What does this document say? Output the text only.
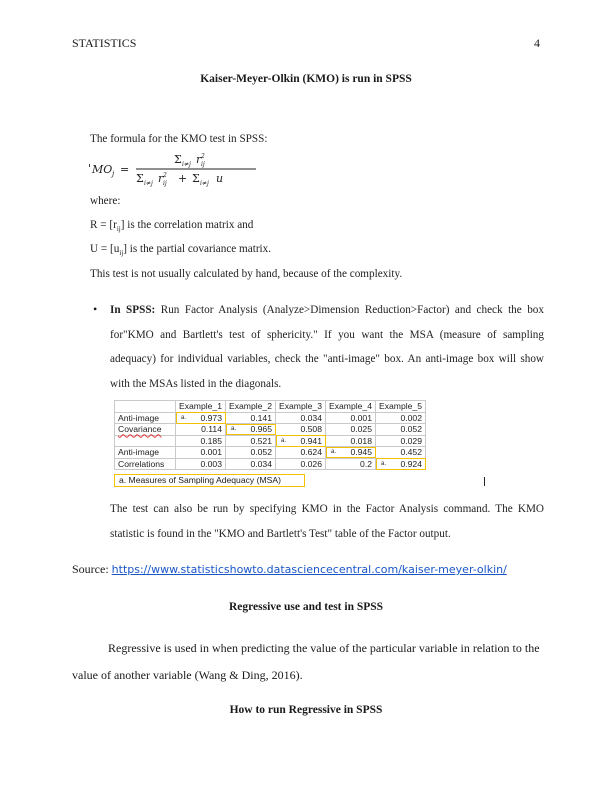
STATISTICS	4
Kaiser-Meyer-Olkin (KMO) is run in SPSS
The formula for the KMO test in SPSS:
' MO j =
Σ i≠j r 2
ij
Σ i≠j r 2
ij + Σ i≠j u
where:
$R = [r_{ij}]$ is the correlation matrix and
$U = [u_{ij}]$ is the partial covariance matrix.
This test is not usually calculated by hand, because of the complexity.
• In SPSS: Run Factor Analysis (Analyze>Dimension Reduction>Factor) and check the box for"KMO and Bartlett's test of sphericity." If you want the MSA (measure of sampling adequacy) for individual variables, check the "anti-image" box. An anti-image box will show with the MSAs listed in the diagonals.
	Example_1	Example_2	Example_3	Example_4	Example_5
Anti-image	a. 0.973	0.141	0.034	0.001	0.002
Covariance	0.114	a. 0.965	0.508	0.025	0.052
	0.185	0.521	a. 0.941	0.018	0.029
Anti-image	0.001	0.052	0.624	a. 0.945	0.452
Correlations	0.003	0.034	0.026	0.2	a. 0.924
a. Measures of Sampling Adequacy (MSA)
The test can also be run by specifying KMO in the Factor Analysis command. The KMO statistic is found in the "KMO and Bartlett's Test" table of the Factor output.
Source: https://www.statisticshowto.datasciencecentral.com/kaiser-meyer-olkin/
Regressive use and test in SPSS
Regressive is used in when predicting the value of the particular variable in relation to the value of another variable (Wang & Ding, 2016).
How to run Regressive in SPSS
